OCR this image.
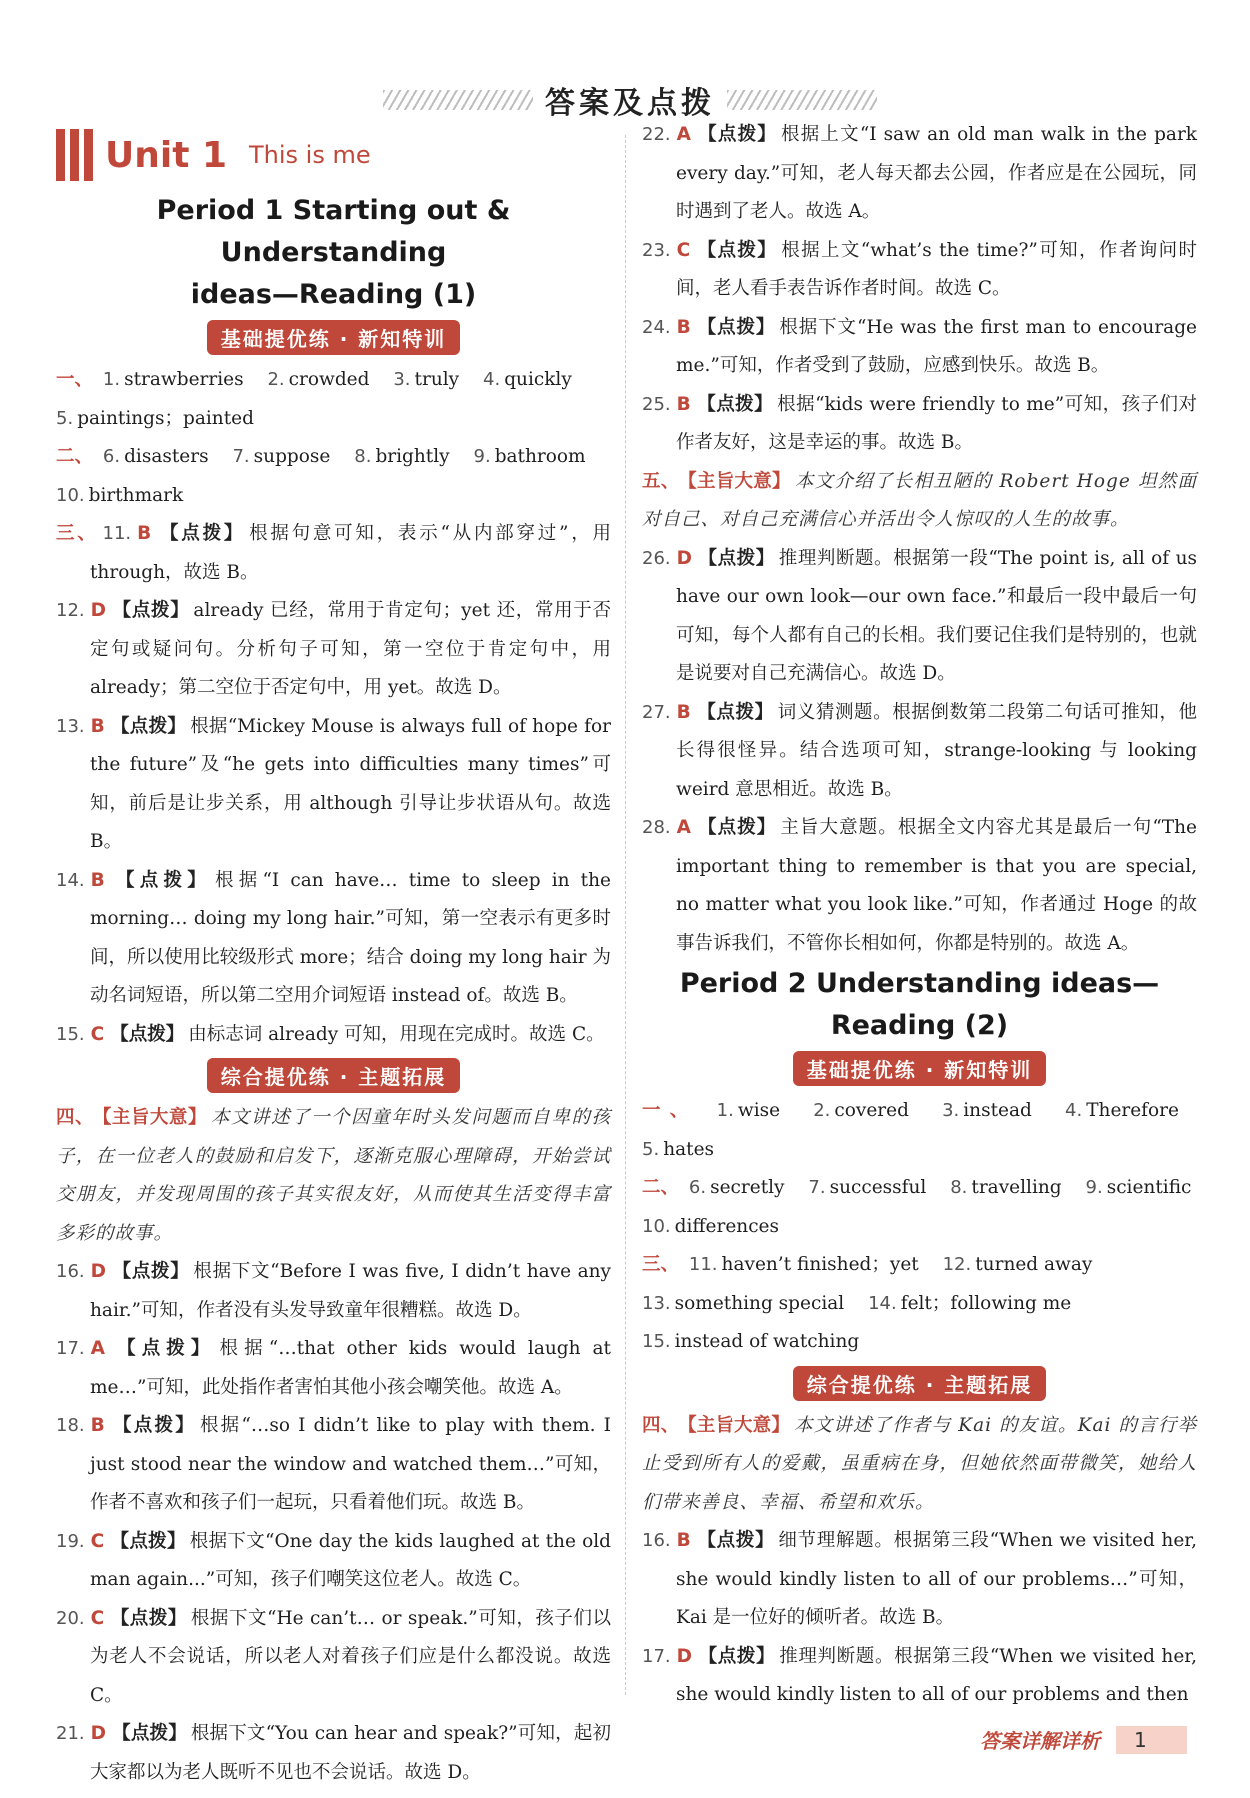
答案及点拨
Unit 1 This is me

Period 1 Starting out & Understanding

ideas—Reading (1)

基础提优练 · 新知特训

一、 1. strawberries 2. crowded 3. truly 4. quickly
5. paintings；painted

二、 6. disasters 7. suppose 8. brightly 9. bathroom
10. birthmark

三、 11. B 【点拨】 根据句意可知，表示“从内部穿过”，用 through，故选 B。

12. D 【点拨】 already 已经，常用于肯定句；yet 还，常用于否定句或疑问句。分析句子可知，第一空位于肯定句中，用 already；第二空位于否定句中，用 yet。故选 D。

13. B 【点拨】 根据“Mickey Mouse is always full of hope for the future”及“he gets into difficulties many times”可知，前后是让步关系，用 although 引导让步状语从句。故选 B。

14. B 【点拨】 根据“I can have… time to sleep in the morning… doing my long hair.”可知，第一空表示有更多时间，所以使用比较级形式 more；结合 doing my long hair 为动名词短语，所以第二空用介词短语 instead of。故选 B。

15. C 【点拨】 由标志词 already 可知，用现在完成时。故选 C。

综合提优练 · 主题拓展

四、 【主旨大意】 本文讲述了一个因童年时头发问题而自卑的孩子，在一位老人的鼓励和启发下，逐渐克服心理障碍，开始尝试交朋友，并发现周围的孩子其实很友好，从而使其生活变得丰富多彩的故事。

16. D 【点拨】 根据下文“Before I was five, I didn’t have any hair.”可知，作者没有头发导致童年很糟糕。故选 D。

17. A 【点拨】 根据“…that other kids would laugh at me…”可知，此处指作者害怕其他小孩会嘲笑他。故选 A。

18. B 【点拨】 根据“…so I didn’t like to play with them. I just stood near the window and watched them…”可知，作者不喜欢和孩子们一起玩，只看着他们玩。故选 B。

19. C 【点拨】 根据下文“One day the kids laughed at the old man again...”可知，孩子们嘲笑这位老人。故选 C。

20. C 【点拨】 根据下文“He can’t… or speak.”可知，孩子们以为老人不会说话，所以老人对着孩子们应是什么都没说。故选 C。

21. D 【点拨】 根据下文“You can hear and speak?”可知，起初大家都以为老人既听不见也不会说话。故选 D。

22. A 【点拨】 根据上文“I saw an old man walk in the park every day.”可知，老人每天都去公园，作者应是在公园玩，同时遇到了老人。故选 A。

23. C 【点拨】 根据上文“what’s the time?”可知，作者询问时间，老人看手表告诉作者时间。故选 C。

24. B 【点拨】 根据下文“He was the first man to encourage me.”可知，作者受到了鼓励，应感到快乐。故选 B。

25. B 【点拨】 根据“kids were friendly to me”可知，孩子们对作者友好，这是幸运的事。故选 B。

五、 【主旨大意】 本文介绍了长相丑陋的 Robert Hoge 坦然面对自己、对自己充满信心并活出令人惊叹的人生的故事。

26. D 【点拨】 推理判断题。根据第一段“The point is, all of us have our own look—our own face.”和最后一段中最后一句可知，每个人都有自己的长相。我们要记住我们是特别的，也就是说要对自己充满信心。故选 D。

27. B 【点拨】 词义猜测题。根据倒数第二段第二句话可推知，他长得很怪异。结合选项可知，strange-looking 与 looking weird 意思相近。故选 B。

28. A 【点拨】 主旨大意题。根据全文内容尤其是最后一句“The important thing to remember is that you are special, no matter what you look like.”可知，作者通过 Hoge 的故事告诉我们，不管你长相如何，你都是特别的。故选 A。

Period 2 Understanding ideas—

Reading (2)

基础提优练 · 新知特训

一、 1. wise 2. covered 3. instead 4. Therefore 5. hates

二、 6. secretly 7. successful 8. travelling 9. scientific
10. differences

三、 11. haven’t finished；yet 12. turned away
13. something special 14. felt；following me
15. instead of watching

综合提优练 · 主题拓展

四、 【主旨大意】 本文讲述了作者与 Kai 的友谊。Kai 的言行举止受到所有人的爱戴，虽重病在身，但她依然面带微笑，她给人们带来善良、幸福、希望和欢乐。

16. B 【点拨】 细节理解题。根据第三段“When we visited her, she would kindly listen to all of our problems…”可知，Kai 是一位好的倾听者。故选 B。

17. D 【点拨】 推理判断题。根据第三段“When we visited her, she would kindly listen to all of our problems and then

答案详解详析	1
